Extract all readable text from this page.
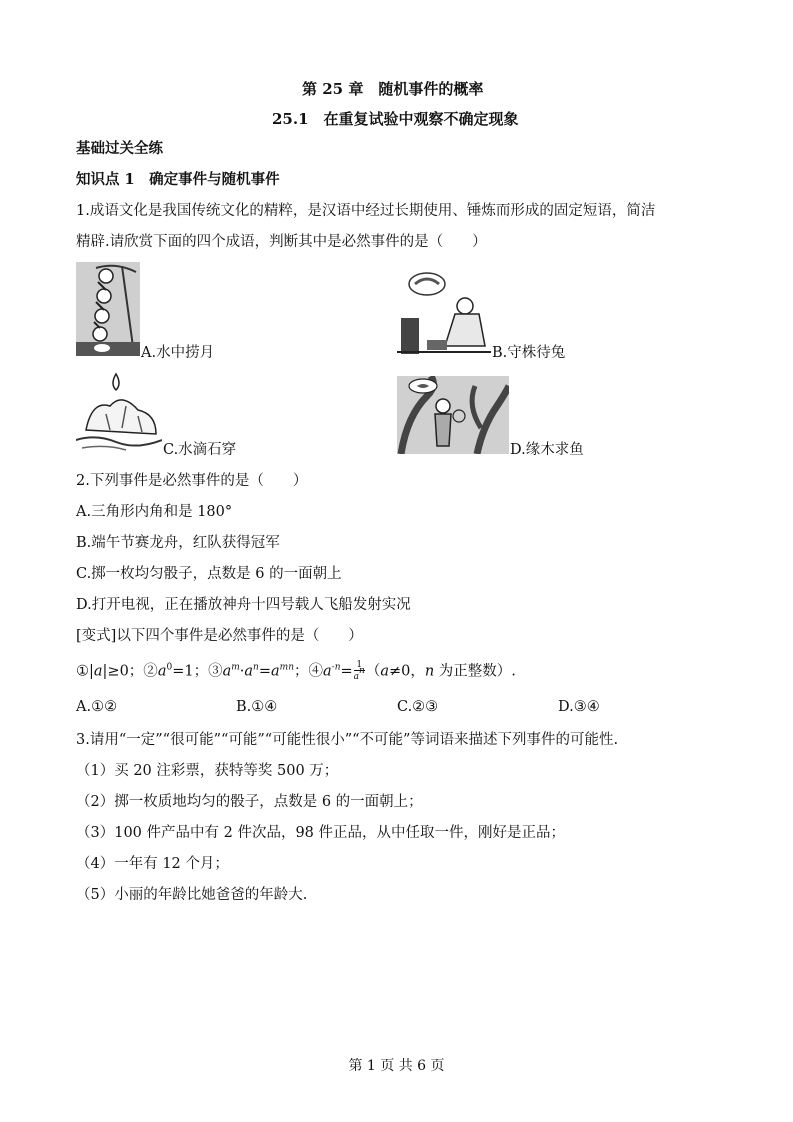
第 25 章　随机事件的概率
25.1　在重复试验中观察不确定现象
基础过关全练
知识点 1　确定事件与随机事件
1.成语文化是我国传统文化的精粹，是汉语中经过长期使用、锤炼而形成的固定短语，简洁
精辟.请欣赏下面的四个成语，判断其中是必然事件的是（　　）
A.水中捞月	B.守株待兔
C.水滴石穿	D.缘木求鱼
2.下列事件是必然事件的是（　　）
A.三角形内角和是 180°
B.端午节赛龙舟，红队获得冠军
C.掷一枚均匀骰子，点数是 6 的一面朝上
D.打开电视，正在播放神舟十四号载人飞船发射实况
[变式]以下四个事件是必然事件的是（　　）
①|a|≥0；$②a^0=1$；$③a^m\cdot a^n=a^{mn}$；$④a^{-n}= \frac{1}{a^n} (a\ne 0$，n 为正整数）.
A.①②	B.①④	C.②③	D.③④
3.请用“一定”“很可能”“可能”“可能性很小”“不可能”等词语来描述下列事件的可能性.
（1）买 20 注彩票，获特等奖 500 万；
（2）掷一枚质地均匀的骰子，点数是 6 的一面朝上；
（3）100 件产品中有 2 件次品，98 件正品，从中任取一件，刚好是正品；
（4）一年有 12 个月；
（5）小丽的年龄比她爸爸的年龄大.
第 1 页 共 6 页
